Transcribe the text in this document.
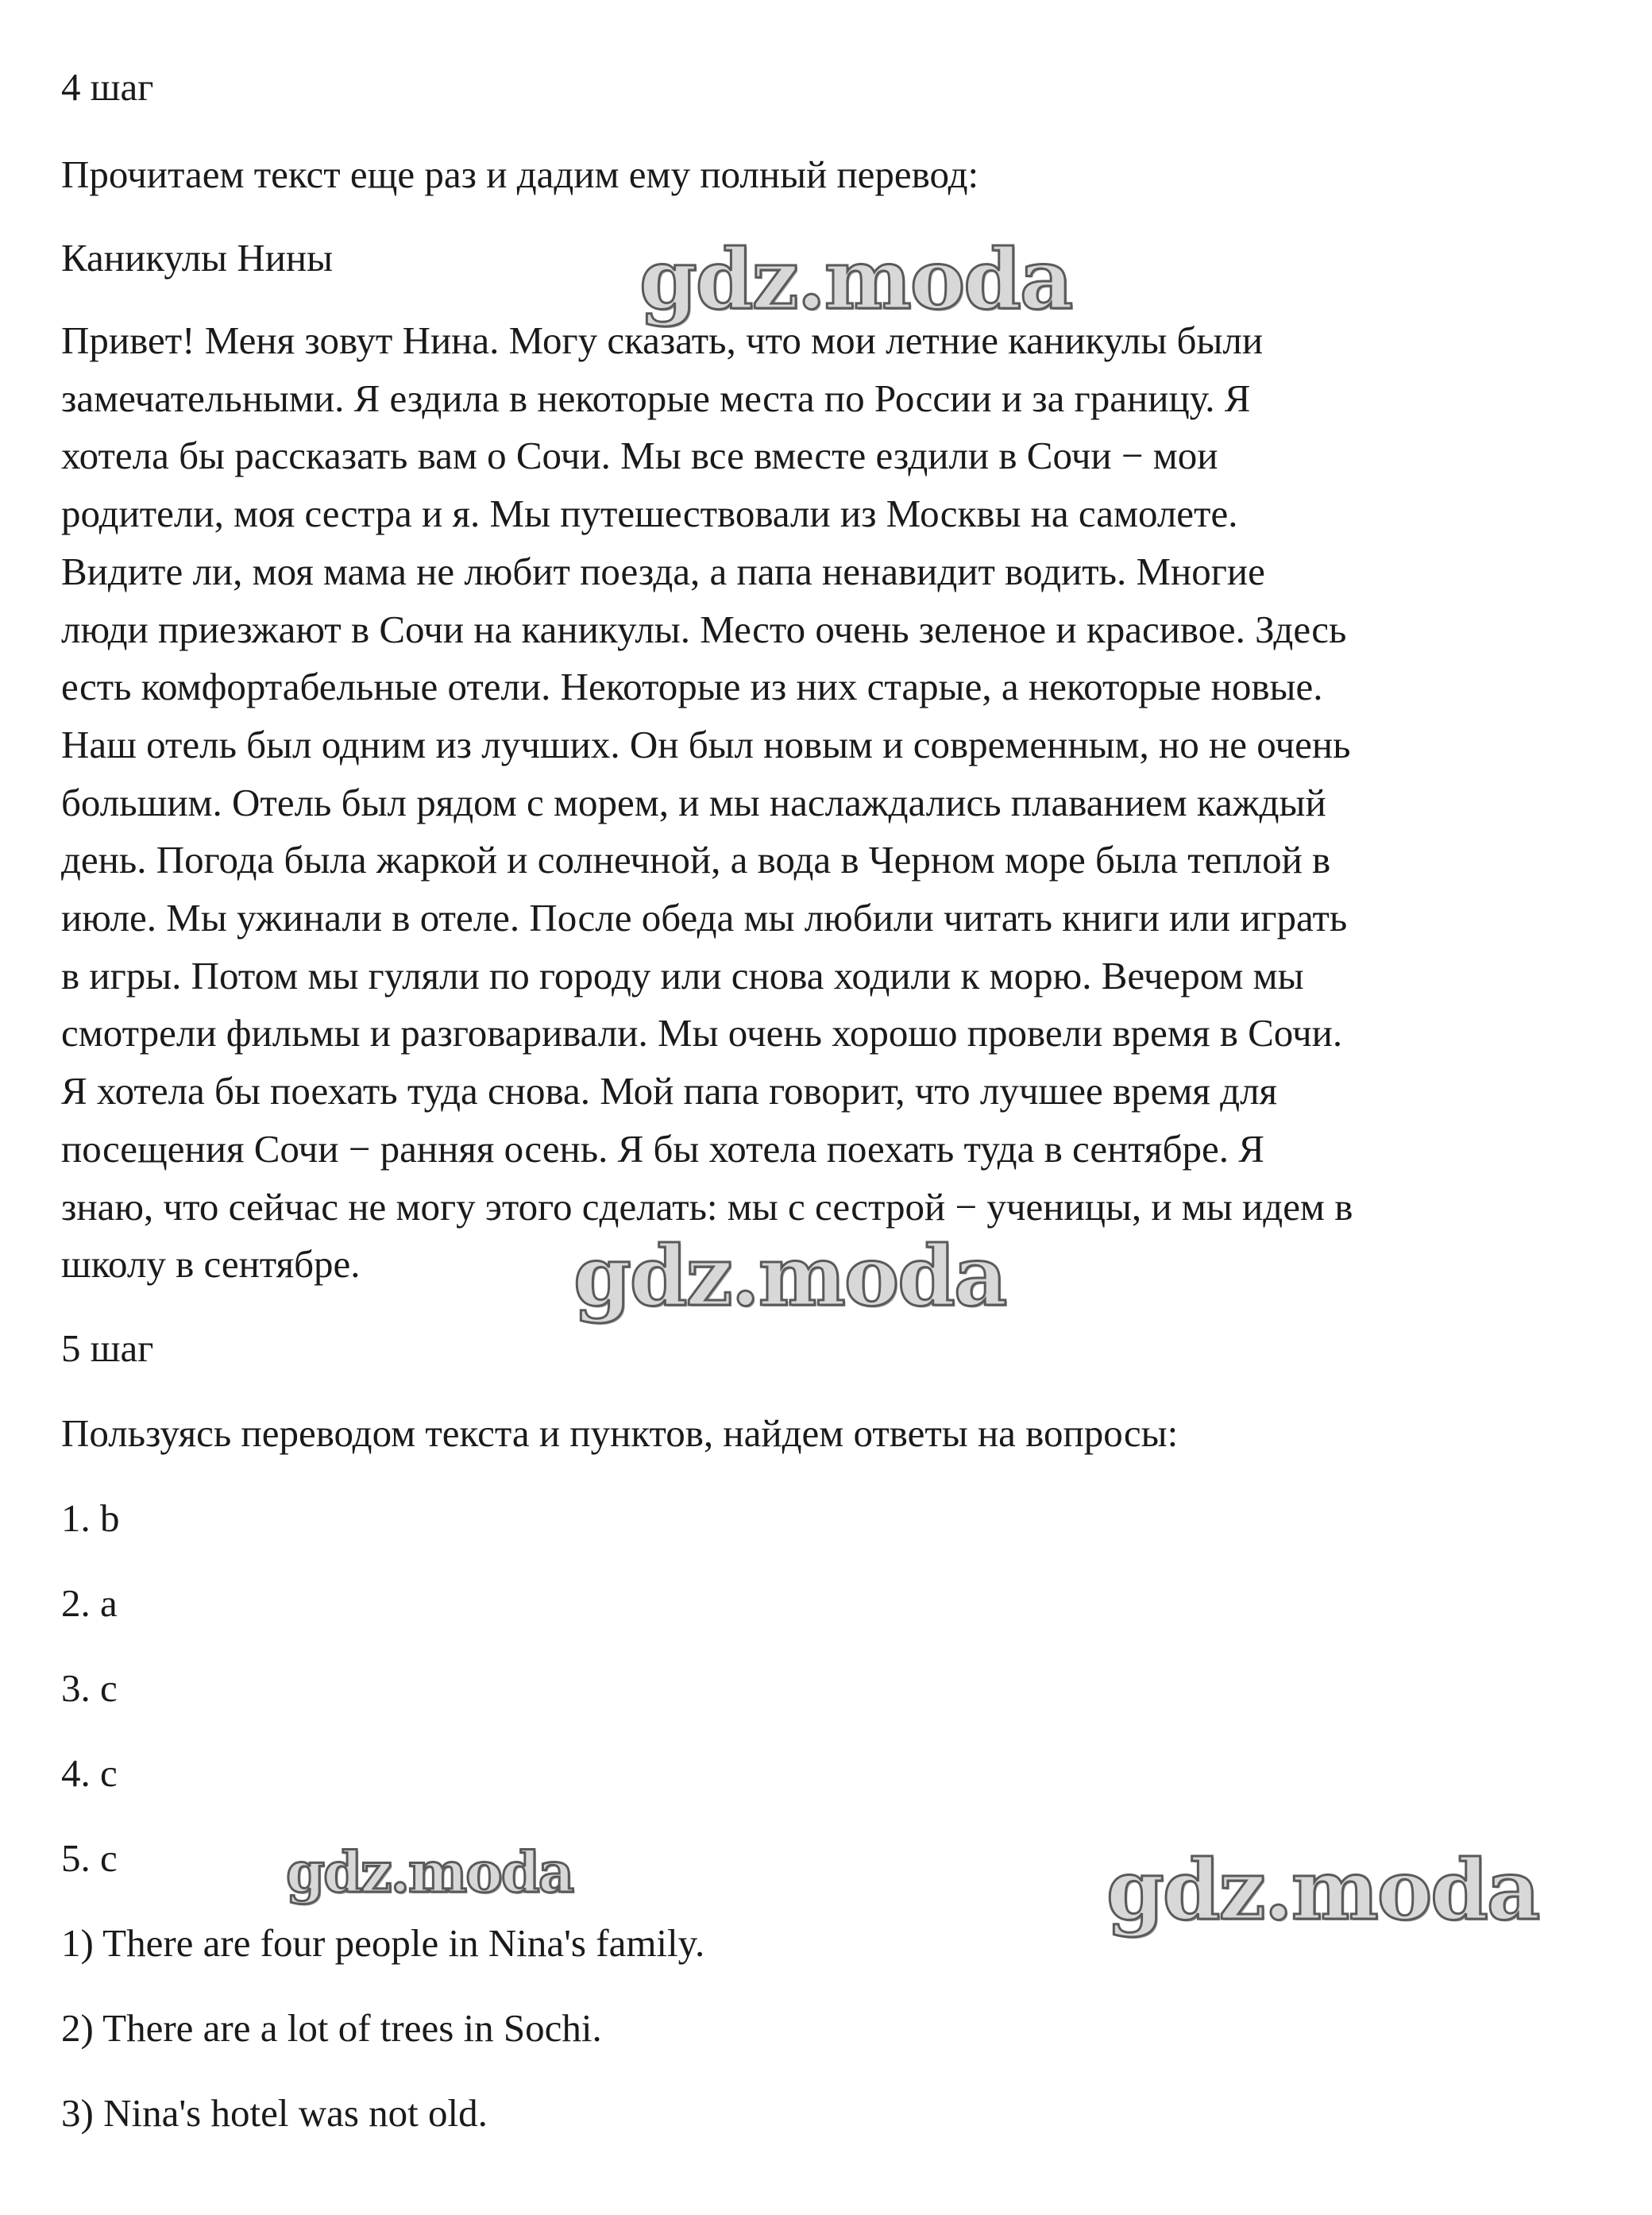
4 шаг
Прочитаем текст еще раз и дадим ему полный перевод:
Каникулы Нины
Привет! Меня зовут Нина. Могу сказать, что мои летние каникулы были
замечательными. Я ездила в некоторые места по России и за границу. Я
хотела бы рассказать вам о Сочи. Мы все вместе ездили в Сочи − мои
родители, моя сестра и я. Мы путешествовали из Москвы на самолете.
Видите ли, моя мама не любит поезда, а папа ненавидит водить. Многие
люди приезжают в Сочи на каникулы. Место очень зеленое и красивое. Здесь
есть комфортабельные отели. Некоторые из них старые, а некоторые новые.
Наш отель был одним из лучших. Он был новым и современным, но не очень
большим. Отель был рядом с морем, и мы наслаждались плаванием каждый
день. Погода была жаркой и солнечной, а вода в Черном море была теплой в
июле. Мы ужинали в отеле. После обеда мы любили читать книги или играть
в игры. Потом мы гуляли по городу или снова ходили к морю. Вечером мы
смотрели фильмы и разговаривали. Мы очень хорошо провели время в Сочи.
Я хотела бы поехать туда снова. Мой папа говорит, что лучшее время для
посещения Сочи − ранняя осень. Я бы хотела поехать туда в сентябре. Я
знаю, что сейчас не могу этого сделать: мы с сестрой − ученицы, и мы идем в
школу в сентябре.
5 шаг
Пользуясь переводом текста и пунктов, найдем ответы на вопросы:
1. b
2. a
3. c
4. c
5. c
1) There are four people in Nina's family.
2) There are a lot of trees in Sochi.
3) Nina's hotel was not old.
gdz.moda
gdz.moda
gdz.moda	gdz.moda
